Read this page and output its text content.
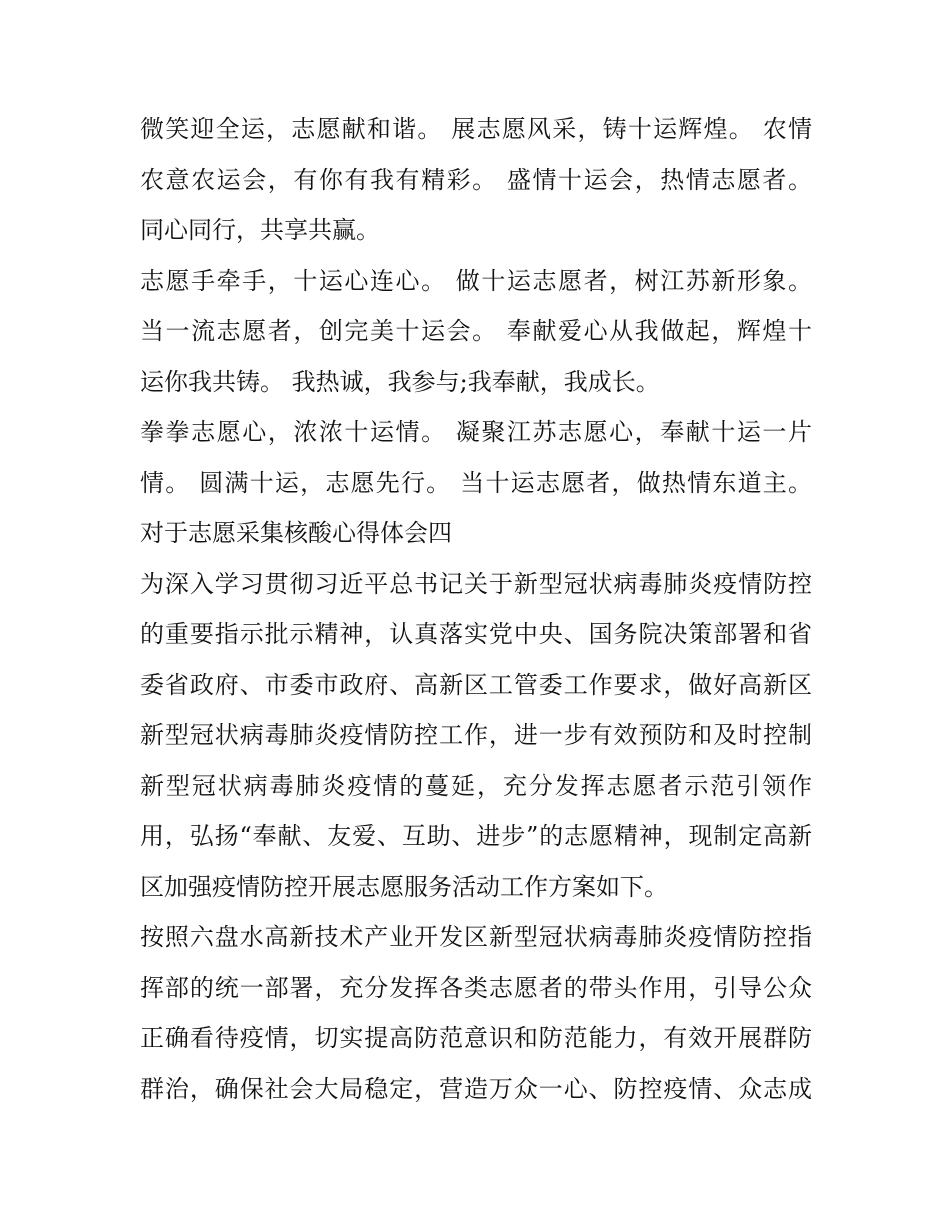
微笑迎全运，志愿献和谐。 展志愿风采，铸十运辉煌。 农情
农意农运会，有你有我有精彩。 盛情十运会，热情志愿者。
同心同行，共享共赢。
志愿手牵手，十运心连心。 做十运志愿者，树江苏新形象。
当一流志愿者，创完美十运会。 奉献爱心从我做起，辉煌十
运你我共铸。 我热诚，我参与;我奉献，我成长。
拳拳志愿心，浓浓十运情。 凝聚江苏志愿心，奉献十运一片
情。 圆满十运，志愿先行。 当十运志愿者，做热情东道主。
对于志愿采集核酸心得体会四
为深入学习贯彻习近平总书记关于新型冠状病毒肺炎疫情防控
的重要指示批示精神，认真落实党中央、国务院决策部署和省
委省政府、市委市政府、高新区工管委工作要求，做好高新区
新型冠状病毒肺炎疫情防控工作，进一步有效预防和及时控制
新型冠状病毒肺炎疫情的蔓延，充分发挥志愿者示范引领作
用，弘扬“奉献、友爱、互助、进步”的志愿精神，现制定高新
区加强疫情防控开展志愿服务活动工作方案如下。
按照六盘水高新技术产业开发区新型冠状病毒肺炎疫情防控指
挥部的统一部署，充分发挥各类志愿者的带头作用，引导公众
正确看待疫情，切实提高防范意识和防范能力，有效开展群防
群治，确保社会大局稳定，营造万众一心、防控疫情、众志成
